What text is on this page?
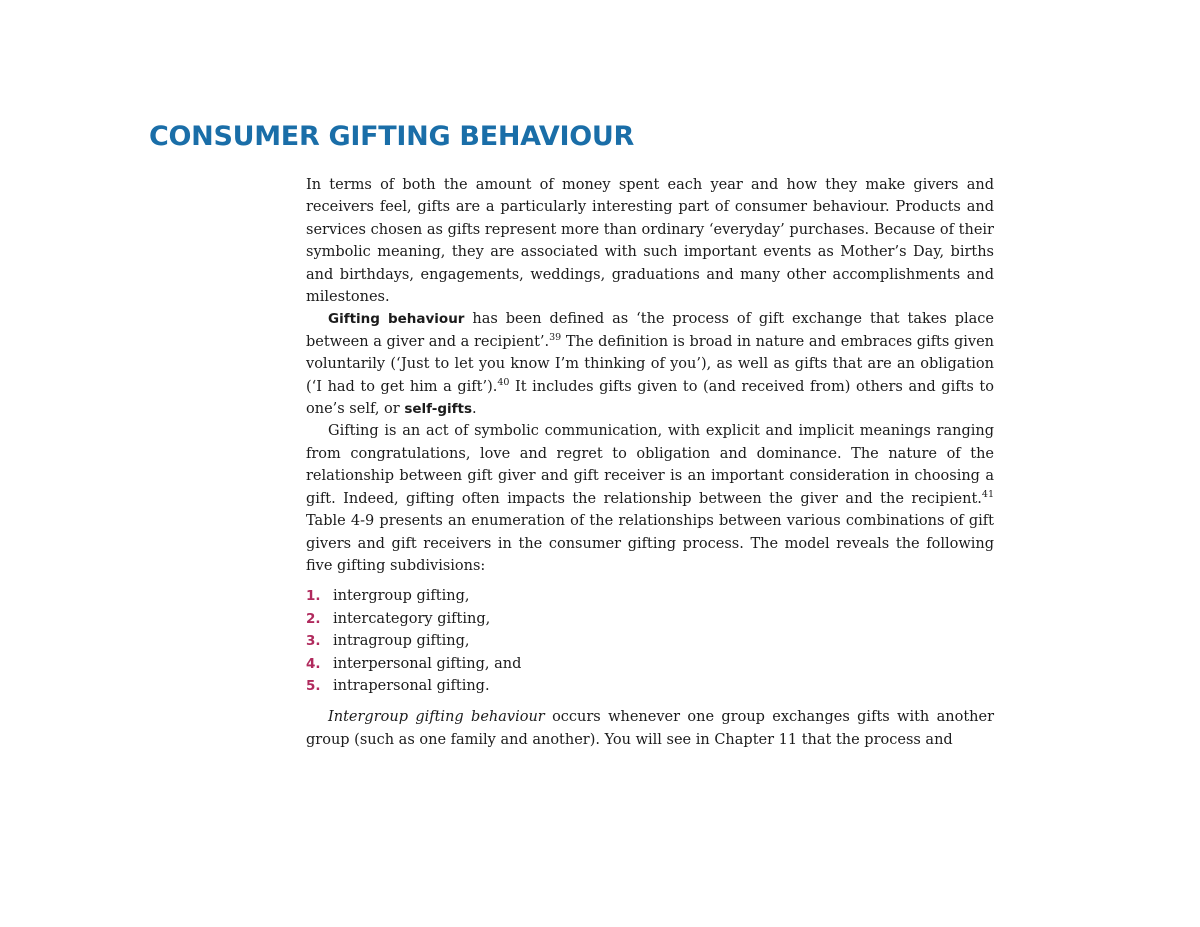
CONSUMER GIFTING BEHAVIOUR

In terms of both the amount of money spent each year and how they make givers and receivers feel, gifts are a particularly interesting part of consumer behaviour. Products and services chosen as gifts represent more than ordinary ‘everyday’ purchases. Because of their symbolic meaning, they are associated with such important events as Mother’s Day, births and birthdays, engagements, weddings, graduations and many other accomplishments and milestones.

Gifting behaviour has been defined as ‘the process of gift exchange that takes place between a giver and a recipient’.$^{39}$ The definition is broad in nature and embraces gifts given voluntarily (‘Just to let you know I’m thinking of you’), as well as gifts that are an obligation (‘I had to get him a gift’).$^{40}$ It includes gifts given to (and received from) others and gifts to one’s self, or self-gifts.

Gifting is an act of symbolic communication, with explicit and implicit meanings ranging from congratulations, love and regret to obligation and dominance. The nature of the relationship between gift giver and gift receiver is an important consideration in choosing a gift. Indeed, gifting often impacts the relationship between the giver and the recipient.$^{41}$ Table 4-9 presents an enumeration of the relationships between various combinations of gift givers and gift receivers in the consumer gifting process. The model reveals the following five gifting subdivisions:

1. intergroup gifting,
2. intercategory gifting,
3. intragroup gifting,
4. interpersonal gifting, and
5. intrapersonal gifting.

Intergroup gifting behaviour occurs whenever one group exchanges gifts with another group (such as one family and another). You will see in Chapter 11 that the process and
